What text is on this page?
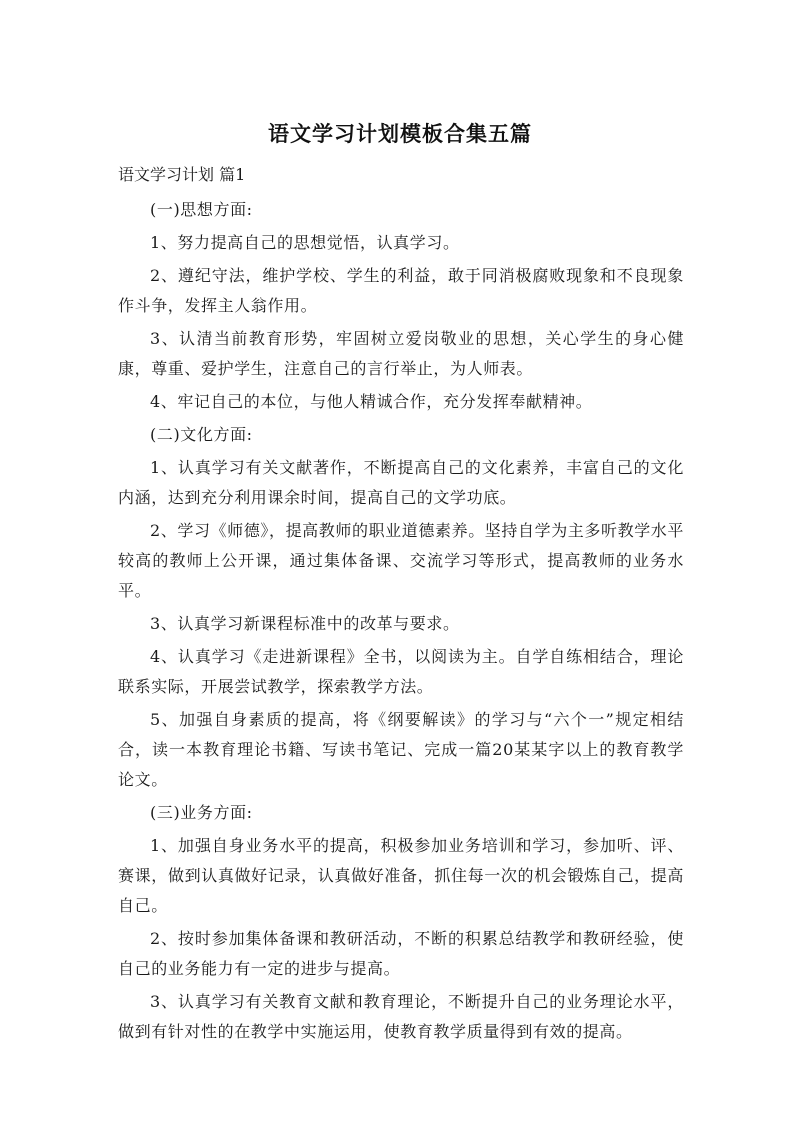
语文学习计划模板合集五篇
语文学习计划 篇1

(一)思想方面:

1、努力提高自己的思想觉悟，认真学习。

2、遵纪守法，维护学校、学生的利益，敢于同消极腐败现象和不良现象作斗争，发挥主人翁作用。

3、认清当前教育形势，牢固树立爱岗敬业的思想，关心学生的身心健康，尊重、爱护学生，注意自己的言行举止，为人师表。

4、牢记自己的本位，与他人精诚合作，充分发挥奉献精神。

(二)文化方面:

1、认真学习有关文献著作，不断提高自己的文化素养，丰富自己的文化内涵，达到充分利用课余时间，提高自己的文学功底。

2、学习《师德》，提高教师的职业道德素养。坚持自学为主多听教学水平较高的教师上公开课，通过集体备课、交流学习等形式，提高教师的业务水平。

3、认真学习新课程标准中的改革与要求。

4、认真学习《走进新课程》全书，以阅读为主。自学自练相结合，理论联系实际，开展尝试教学，探索教学方法。

5、加强自身素质的提高，将《纲要解读》的学习与“六个一”规定相结合，读一本教育理论书籍、写读书笔记、完成一篇20某某字以上的教育教学论文。

(三)业务方面:

1、加强自身业务水平的提高，积极参加业务培训和学习，参加听、评、赛课，做到认真做好记录，认真做好准备，抓住每一次的机会锻炼自己，提高自己。

2、按时参加集体备课和教研活动，不断的积累总结教学和教研经验，使自己的业务能力有一定的进步与提高。

3、认真学习有关教育文献和教育理论，不断提升自己的业务理论水平，做到有针对性的在教学中实施运用，使教育教学质量得到有效的提高。
